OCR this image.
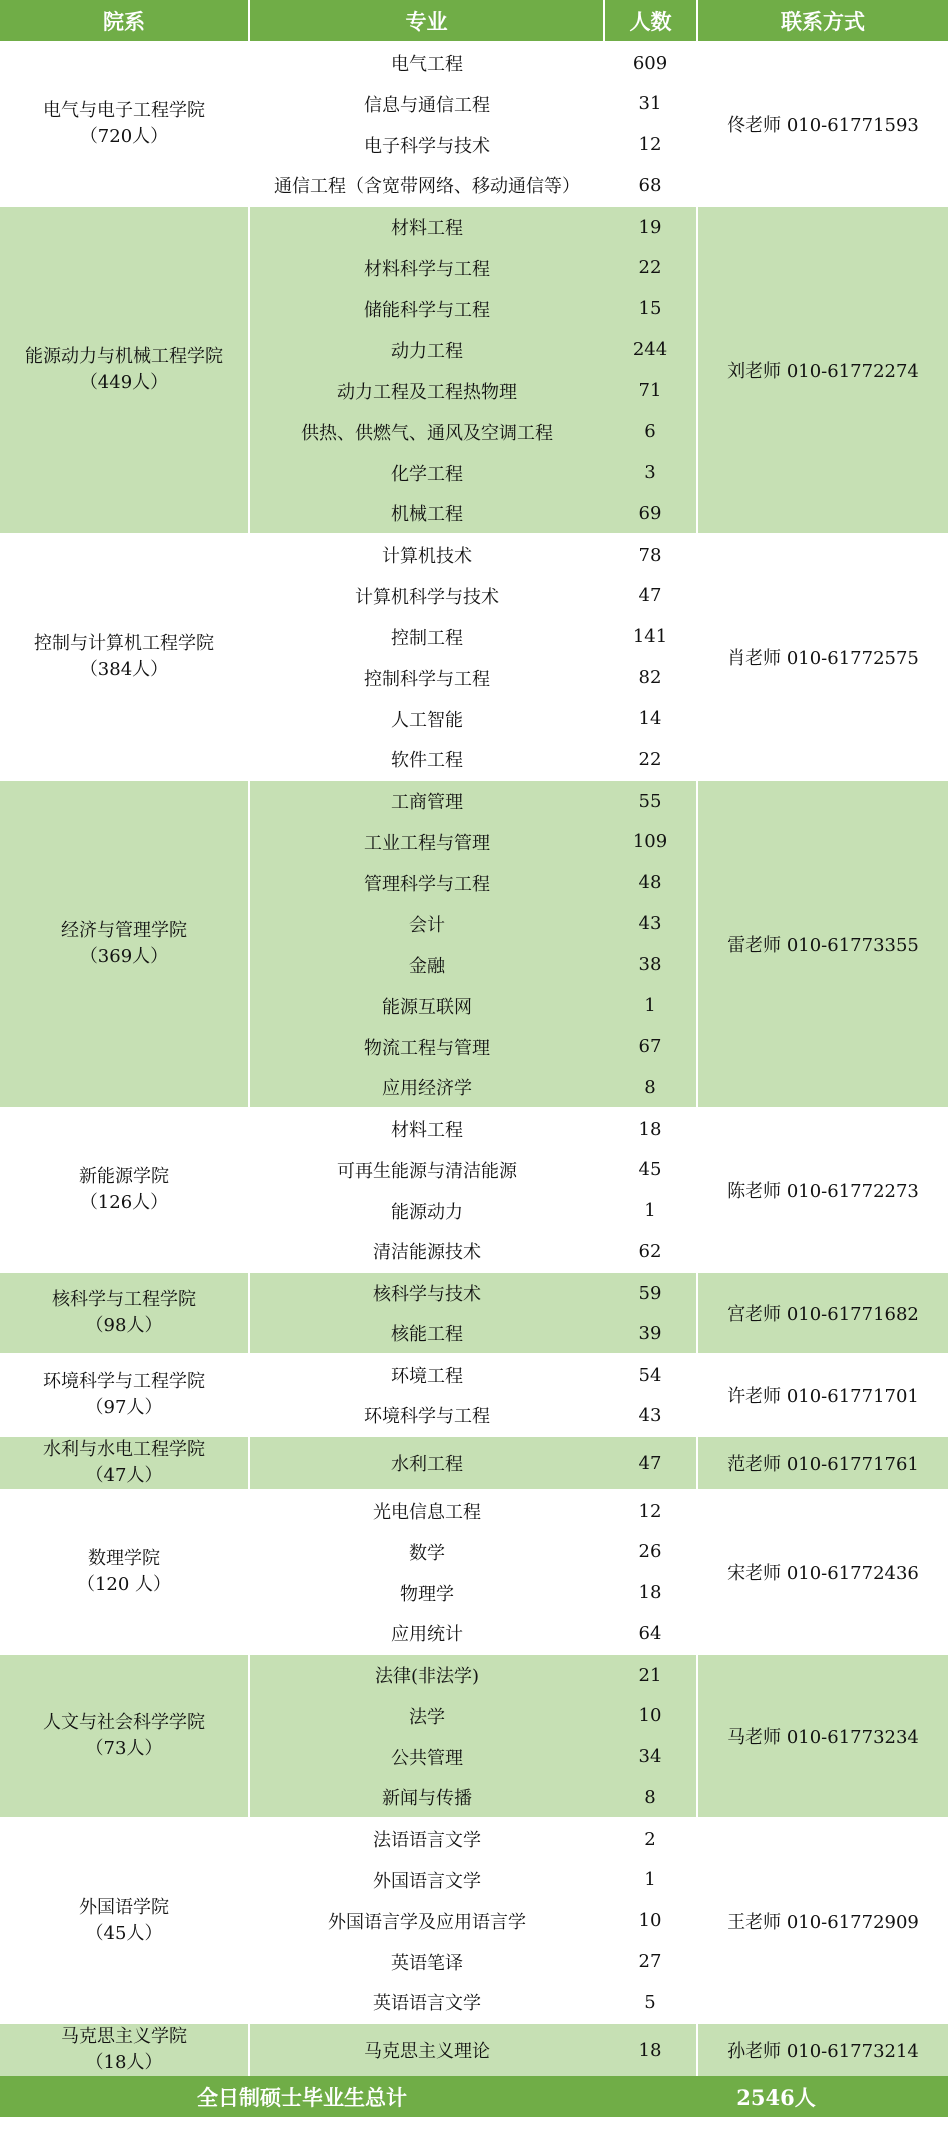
院系	专业	人数	联系方式

电气与电子工程学院
（720人）	电气工程	609	佟老师 010-61771593
	信息与通信工程	31	
	电子科学与技术	12	
	通信工程（含宽带网络、移动通信等）	68	

能源动力与机械工程学院
（449人）	材料工程	19	刘老师 010-61772274
	材料科学与工程	22	
	储能科学与工程	15	
	动力工程	244	
	动力工程及工程热物理	71	
	供热、供燃气、通风及空调工程	6	
	化学工程	3	
	机械工程	69	

控制与计算机工程学院
（384人）	计算机技术	78	肖老师 010-61772575
	计算机科学与技术	47	
	控制工程	141	
	控制科学与工程	82	
	人工智能	14	
	软件工程	22	

经济与管理学院
（369人）	工商管理	55	雷老师 010-61773355
	工业工程与管理	109	
	管理科学与工程	48	
	会计	43	
	金融	38	
	能源互联网	1	
	物流工程与管理	67	
	应用经济学	8	

新能源学院
（126人）	材料工程	18	陈老师 010-61772273
	可再生能源与清洁能源	45	
	能源动力	1	
	清洁能源技术	62	

核科学与工程学院
（98人）	核科学与技术	59	宫老师 010-61771682
	核能工程	39	

环境科学与工程学院
（97人）	环境工程	54	许老师 010-61771701
	环境科学与工程	43	

水利与水电工程学院
（47人）	水利工程	47	范老师 010-61771761

数理学院
（120 人）	光电信息工程	12	宋老师 010-61772436
	数学	26	
	物理学	18	
	应用统计	64	

人文与社会科学学院
（73人）	法律(非法学)	21	马老师 010-61773234
	法学	10	
	公共管理	34	
	新闻与传播	8	

外国语学院
（45人）	法语语言文学	2	王老师 010-61772909
	外国语言文学	1	
	外国语言学及应用语言学	10	
	英语笔译	27	
	英语语言文学	5	

马克思主义学院
（18人）	马克思主义理论	18	孙老师 010-61773214
全日制硕士毕业生总计		2546人	
